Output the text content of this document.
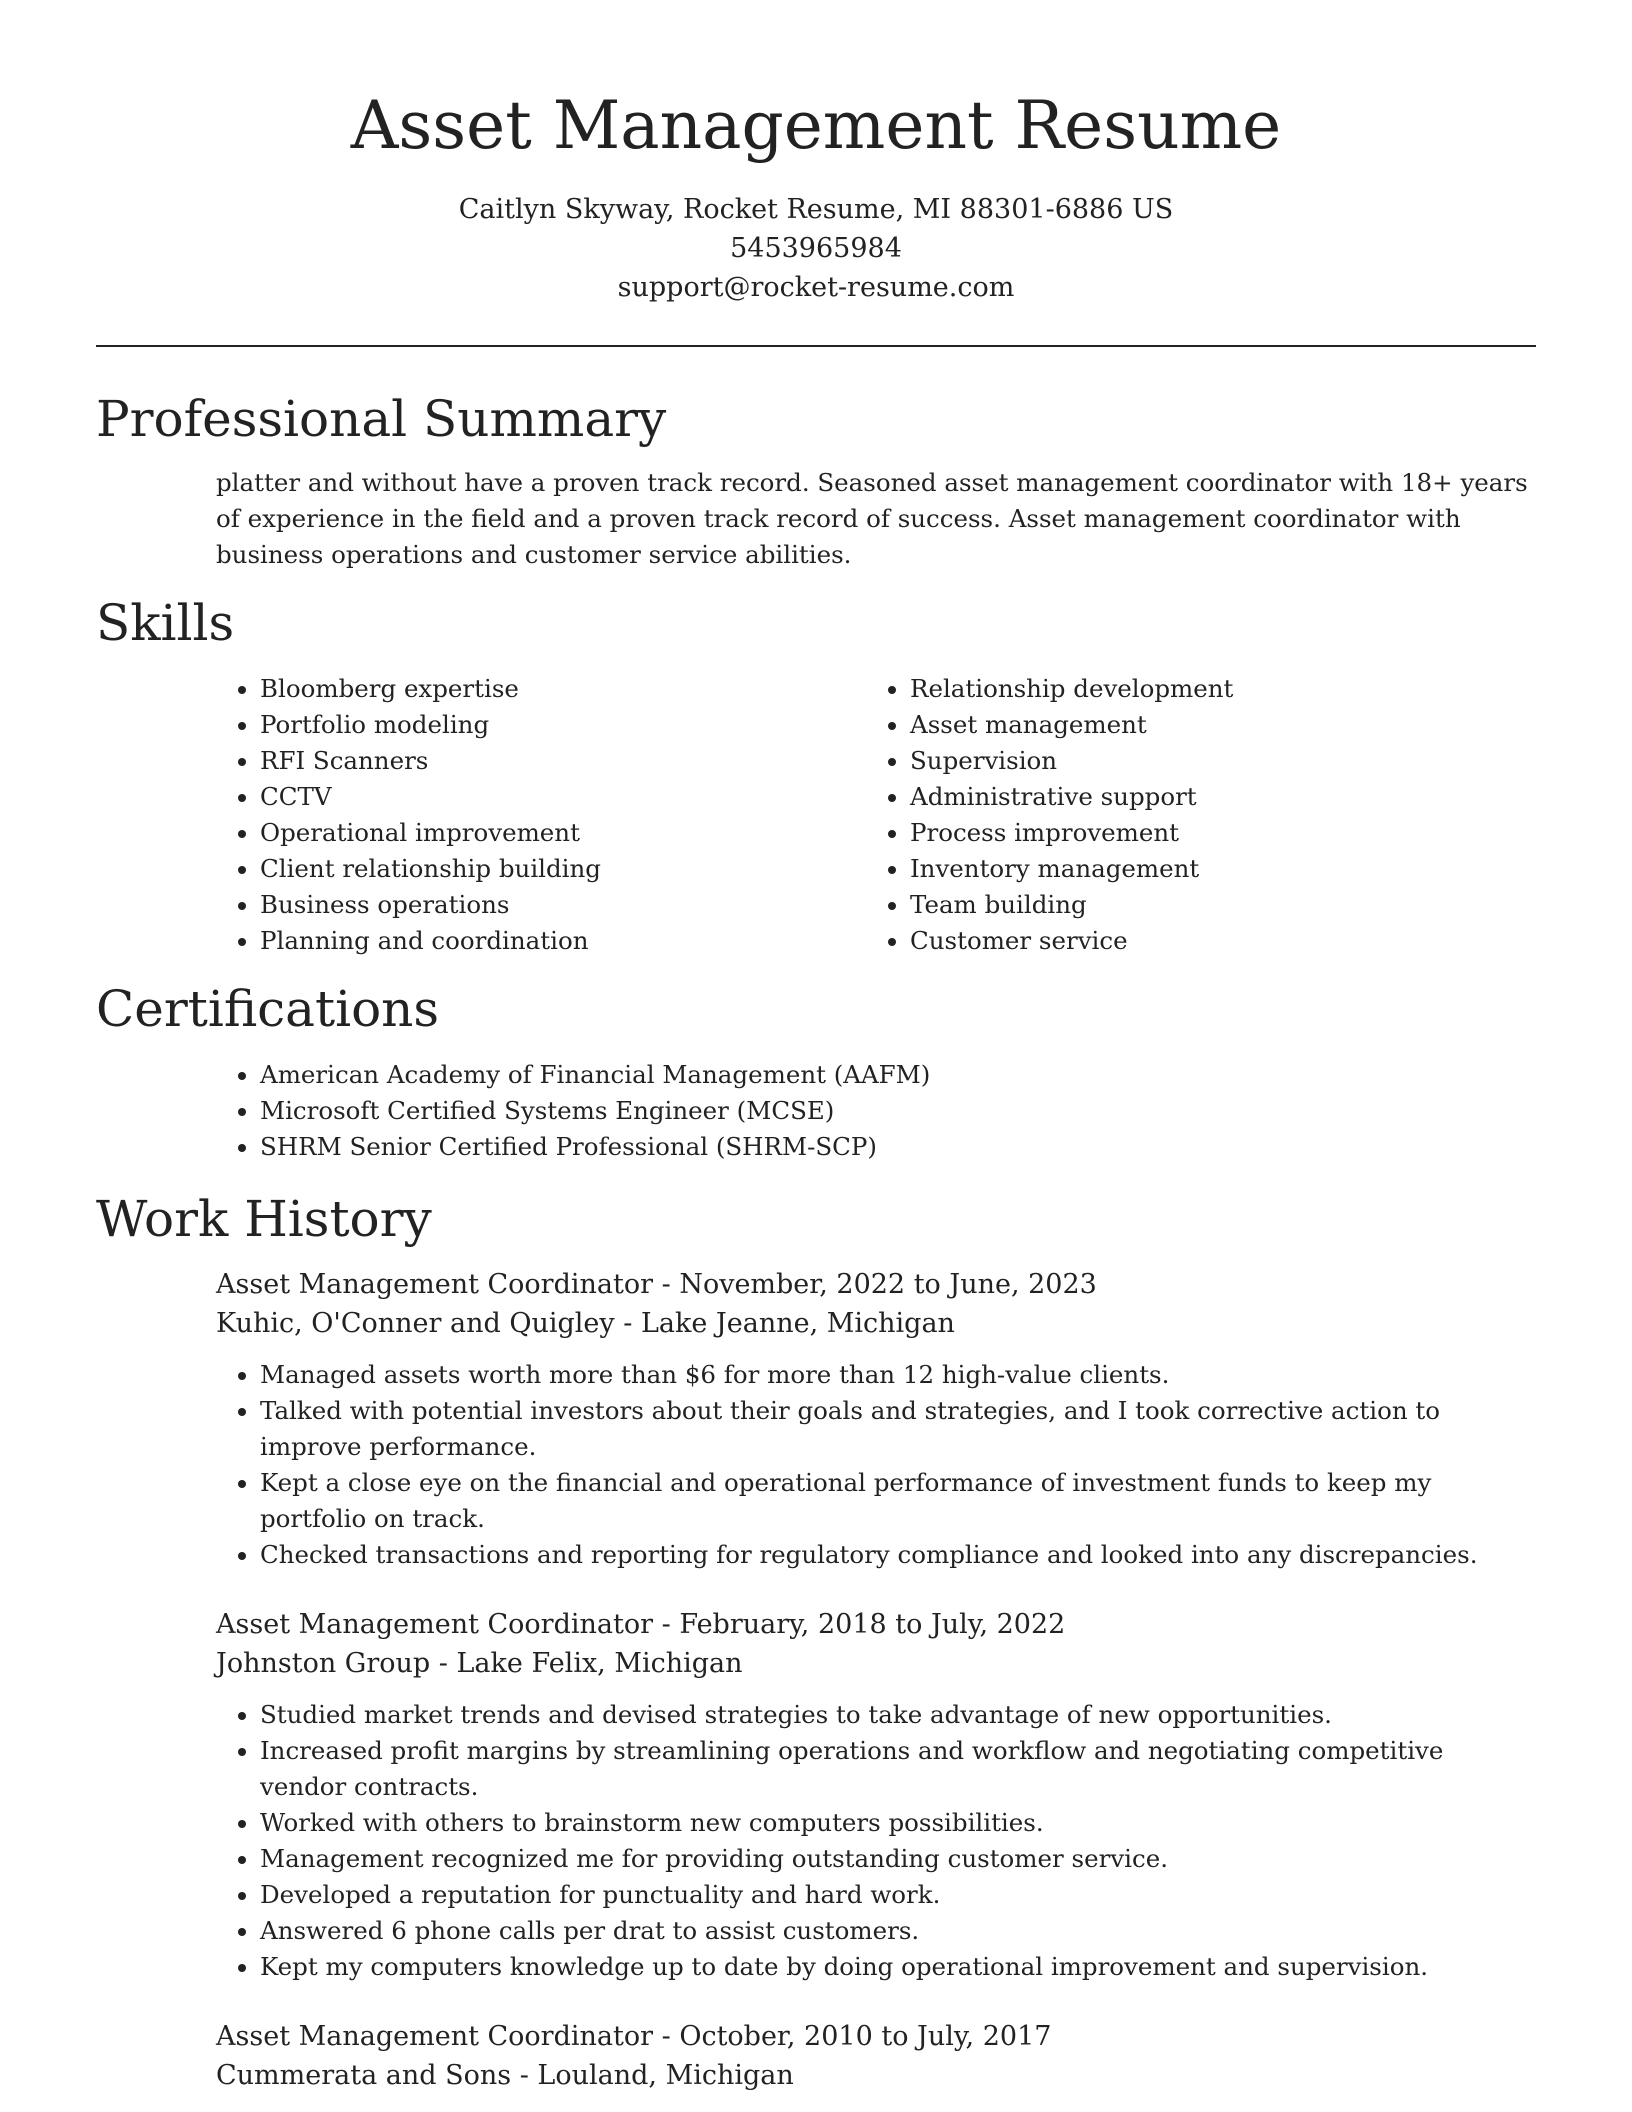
Asset Management Resume
Caitlyn Skyway, Rocket Resume, MI 88301-6886 US
5453965984
support@rocket-resume.com
Professional Summary
platter and without have a proven track record. Seasoned asset management coordinator with 18+ years of experience in the field and a proven track record of success. Asset management coordinator with business operations and customer service abilities.
Skills
• Bloomberg expertise
• Portfolio modeling
• RFI Scanners
• CCTV
• Operational improvement
• Client relationship building
• Business operations
• Planning and coordination
• Relationship development
• Asset management
• Supervision
• Administrative support
• Process improvement
• Inventory management
• Team building
• Customer service
Certifications
• American Academy of Financial Management (AAFM)
• Microsoft Certified Systems Engineer (MCSE)
• SHRM Senior Certified Professional (SHRM-SCP)
Work History
Asset Management Coordinator - November, 2022 to June, 2023
Kuhic, O'Conner and Quigley - Lake Jeanne, Michigan
• Managed assets worth more than $6 for more than 12 high-value clients.
• Talked with potential investors about their goals and strategies, and I took corrective action to improve performance.
• Kept a close eye on the financial and operational performance of investment funds to keep my portfolio on track.
• Checked transactions and reporting for regulatory compliance and looked into any discrepancies.
Asset Management Coordinator - February, 2018 to July, 2022
Johnston Group - Lake Felix, Michigan
• Studied market trends and devised strategies to take advantage of new opportunities.
• Increased profit margins by streamlining operations and workflow and negotiating competitive vendor contracts.
• Worked with others to brainstorm new computers possibilities.
• Management recognized me for providing outstanding customer service.
• Developed a reputation for punctuality and hard work.
• Answered 6 phone calls per drat to assist customers.
• Kept my computers knowledge up to date by doing operational improvement and supervision.
Asset Management Coordinator - October, 2010 to July, 2017
Cummerata and Sons - Louland, Michigan
